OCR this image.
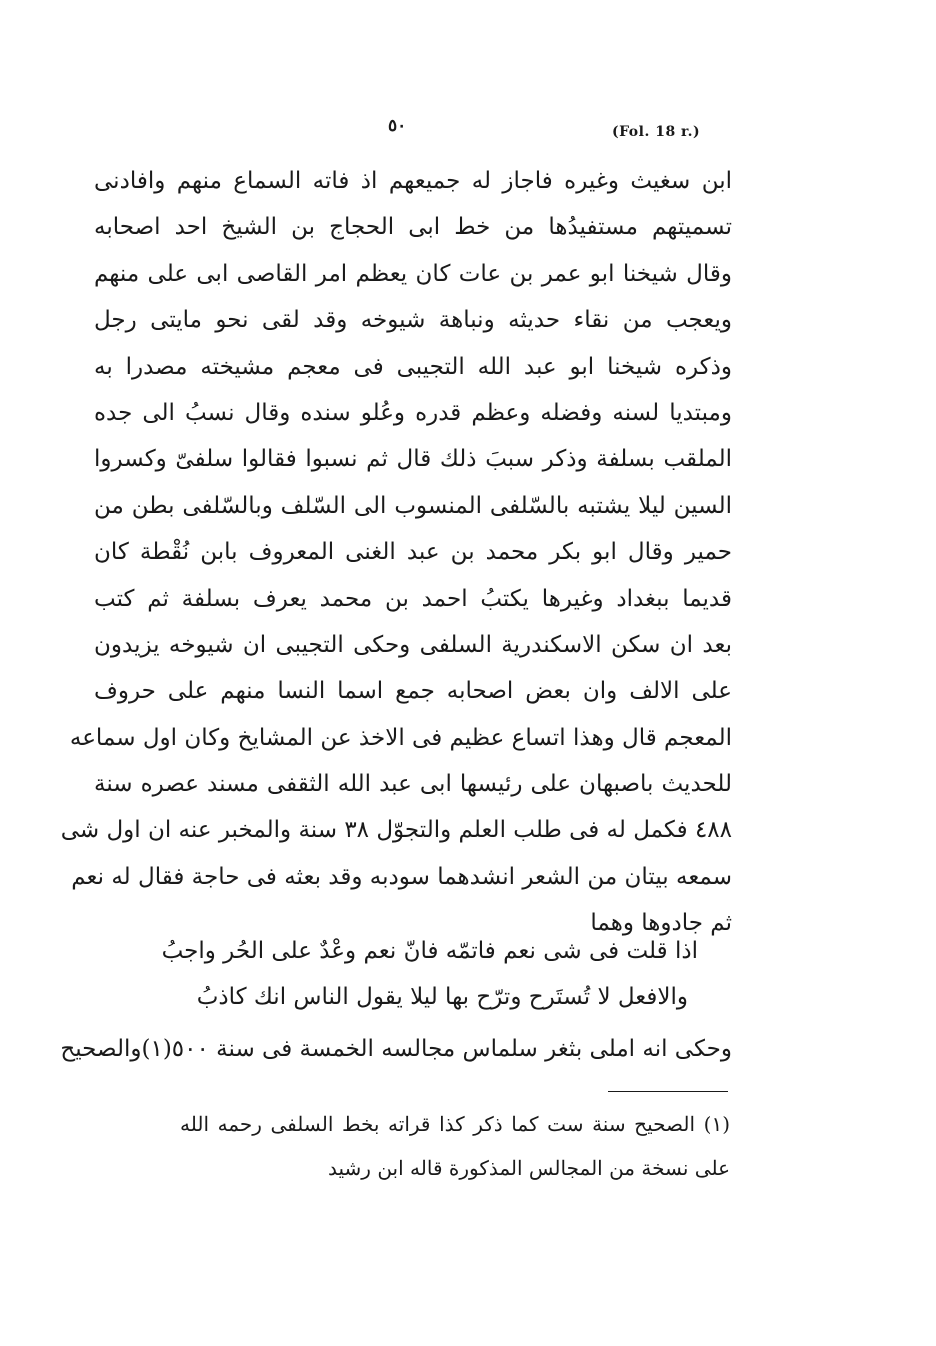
٥٠	(Fol. 18 r.)
ابن سغيث وغيره فاجاز له جميعهم اذ فاته السماع منهم وافادنى
تسميتهم مستفيدُها من خط ابى الحجاج بن الشيخ احد اصحابه
وقال شيخنا ابو عمر بن عات كان يعظم امر القاصى ابى على منهم
ويعجب من نقاء حديثه ونباهة شيوخه وقد لقى نحو مايتى رجل
وذكره شيخنا ابو عبد الله التجيبى فى معجم مشيخته مصدرا به
ومبتديا لسنه وفضله وعظم قدره وعُلو سنده وقال نسبُ الى جده
الملقب بسلفة وذكر سببَ ذلك قال ثم نسبوا فقالوا سلفىّ وكسروا
السين ليلا يشتبه بالسّلفى المنسوب الى السّلف وبالسّلفى بطن من
حمير وقال ابو بكر محمد بن عبد الغنى المعروف بابن نُقْطة كان
قديما ببغداد وغيرها يكتبُ احمد بن محمد يعرف بسلفة ثم كتب
بعد ان سكن الاسكندرية السلفى وحكى التجيبى ان شيوخه يزيدون
على الالف وان بعض اصحابه جمع اسما النسا منهم على حروف
المعجم قال وهذا اتساع عظيم فى الاخذ عن المشايخ وكان اول سماعه
للحديث باصبهان على رئيسها ابى عبد الله الثقفى مسند عصره سنة
٤٨٨ فكمل له فى طلب العلم والتجوّل ٣٨ سنة والمخبر عنه ان اول شى
سمعه بيتان من الشعر انشدهما سودبه وقد بعثه فى حاجة فقال له نعم
ثم جادوها وهما
اذا قلت فى شى نعم فاتمّه فانّ نعم وعْدٌ على الحُر واجبُ
والافعل لا تُستَرح وترّح بها ليلا يقول الناس انك كاذبُ
وحكى انه املى بثغر سلماس مجالسه الخمسة فى سنة ٥٠٠(١)والصحيح
(١) الصحيح سنة ست كما ذكر كذا قراته بخط السلفى رحمه الله
على نسخة من المجالس المذكورة قاله ابن رشيد
